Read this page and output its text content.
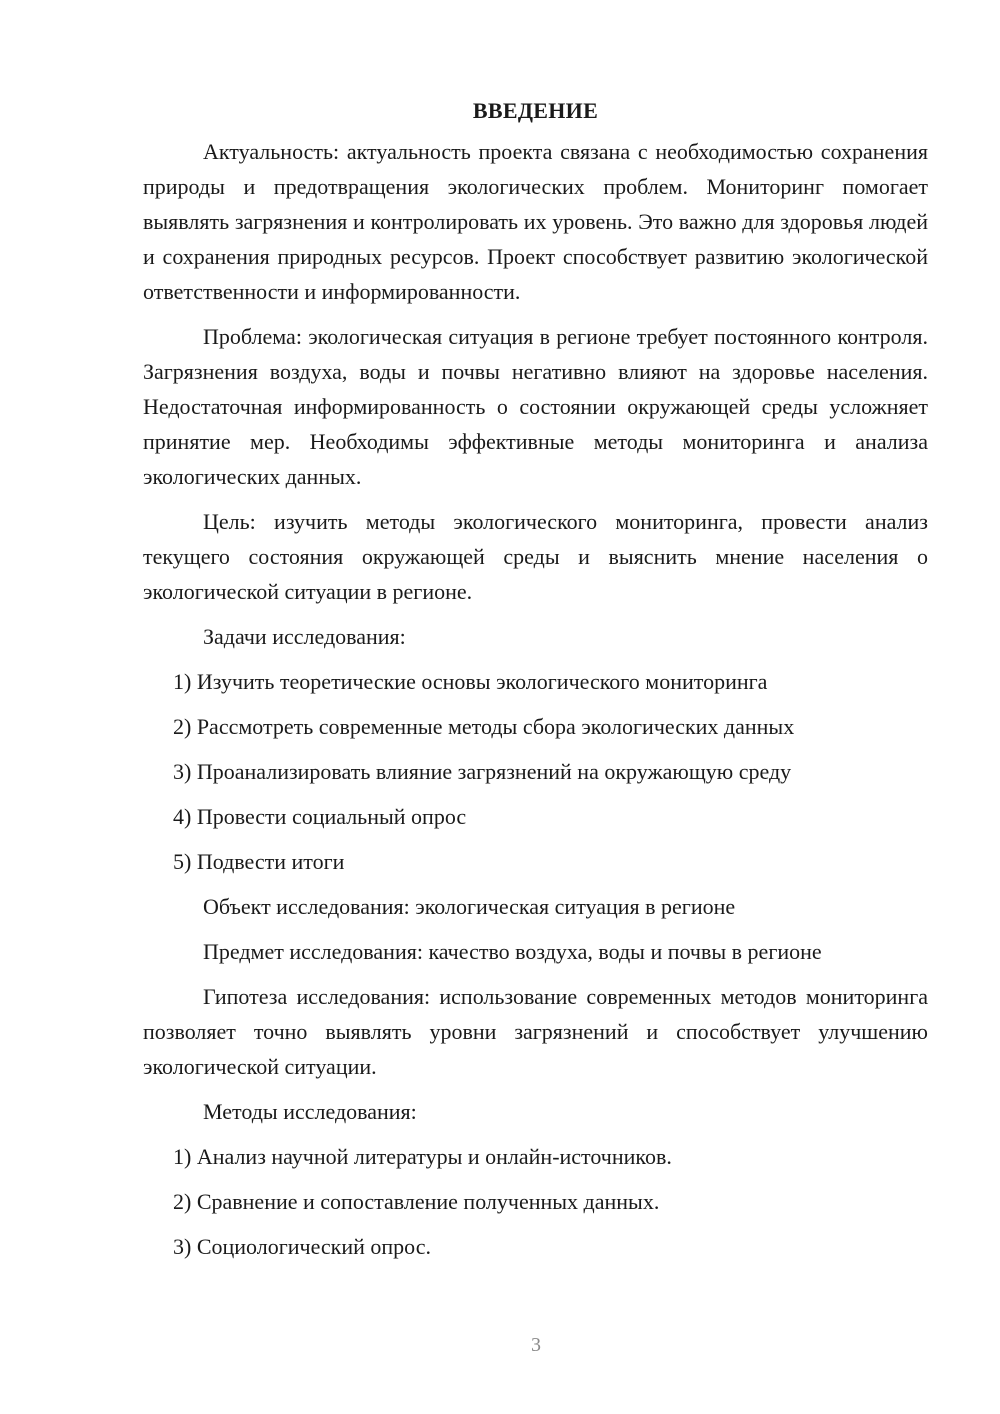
ВВЕДЕНИЕ

Актуальность: актуальность проекта связана с необходимостью сохранения природы и предотвращения экологических проблем. Мониторинг помогает выявлять загрязнения и контролировать их уровень. Это важно для здоровья людей и сохранения природных ресурсов. Проект способствует развитию экологической ответственности и информированности.

Проблема: экологическая ситуация в регионе требует постоянного контроля. Загрязнения воздуха, воды и почвы негативно влияют на здоровье населения. Недостаточная информированность о состоянии окружающей среды усложняет принятие мер. Необходимы эффективные методы мониторинга и анализа экологических данных.

Цель: изучить методы экологического мониторинга, провести анализ текущего состояния окружающей среды и выяснить мнение населения о экологической ситуации в регионе.

Задачи исследования:
1) Изучить теоретические основы экологического мониторинга
2) Рассмотреть современные методы сбора экологических данных
3) Проанализировать влияние загрязнений на окружающую среду
4) Провести социальный опрос
5) Подвести итоги
Объект исследования: экологическая ситуация в регионе
Предмет исследования: качество воздуха, воды и почвы в регионе

Гипотеза исследования: использование современных методов мониторинга позволяет точно выявлять уровни загрязнений и способствует улучшению экологической ситуации.

Методы исследования:
1) Анализ научной литературы и онлайн-источников.
2) Сравнение и сопоставление полученных данных.
3) Социологический опрос.
3
